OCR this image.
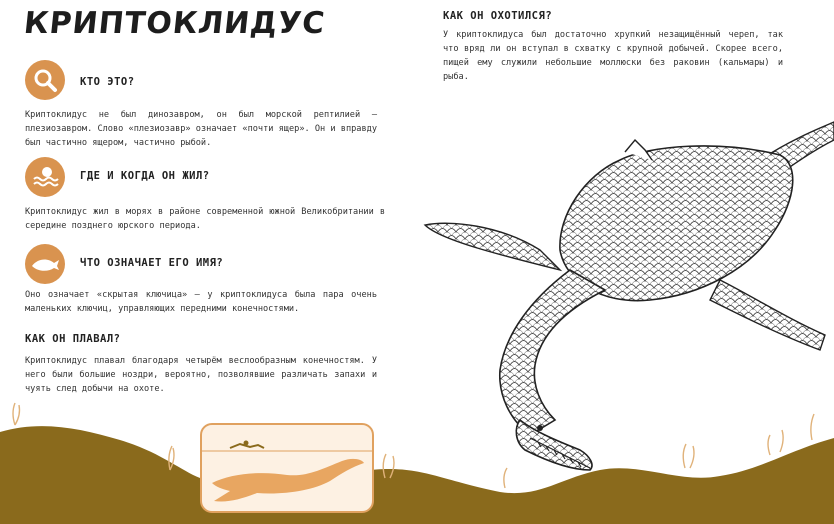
КРИПТОКЛИДУС
КТО ЭТО?
Криптоклидус не был динозавром, он был морской рептилией – плезиозавром. Слово «плезиозавр» означает «почти ящер». Он и вправду был частично ящером, частично рыбой.
ГДЕ И КОГДА ОН ЖИЛ?
Криптоклидус жил в морях в районе современной южной Великобритании в середине позднего юрского периода.
ЧТО ОЗНАЧАЕТ ЕГО ИМЯ?
Оно означает «скрытая ключица» – у криптоклидуса была пара очень маленьких ключиц, управляющих передними конечностями.
КАК ОН ПЛАВАЛ?
Криптоклидус плавал благодаря четырём веслообразным конечностям. У него были большие ноздри, вероятно, позволявшие различать запахи и чуять след добычи на охоте.
КАК ОН ОХОТИЛСЯ?
У криптоклидуса был достаточно хрупкий незащищённый череп, так что вряд ли он вступал в схватку с крупной добычей. Скорее всего, пищей ему служили небольшие моллюски без раковин (кальмары) и рыба.
